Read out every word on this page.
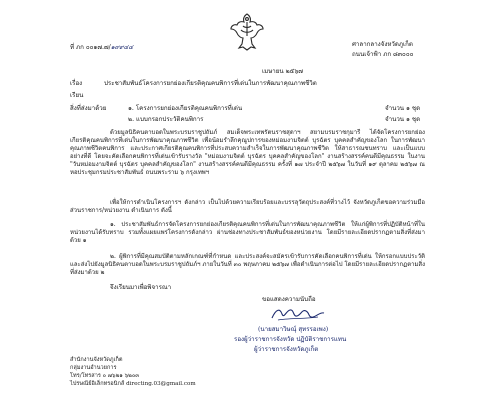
ที่ ภก ๐๐๑๗.๗/๑๙๙๔๔	ศาลากลางจังหวัดภูเก็ต
ถนนเจ้าฟ้า ภก ๘๓๐๐๐
เมษายน ๒๕๖๗
เรื่อง	ประชาสัมพันธ์โครงการยกย่องเกียรติคุณคนพิการที่เด่นในการพัฒนาคุณภาพชีวิต
เรียน
สิ่งที่ส่งมาด้วย	๑. โครงการยกย่องเกียรติคุณคนพิการที่เด่น	จำนวน ๑ ชุด
๒. แบบกรอกประวัติคนพิการ	จำนวน ๑ ชุด
ด้วยมูลนิธิคนตาบอดในพระบรมราชูปถัมภ์ สมเด็จพระเทพรัตนราชสุดาฯ สยามบรมราชกุมารี ได้จัดโครงการยกย่องเกียรติคุณคนพิการที่เด่นในการพัฒนาคุณภาพชีวิต เพื่อน้อมรำลึกคุณูปการของหม่อมงามจิตต์ บุรฉัตร บุคคลสำคัญของโลก ในการพัฒนาคุณภาพชีวิตคนพิการ และประกาศเกียรติคุณคนพิการที่ประสบความสำเร็จในการพัฒนาคุณภาพชีวิต ให้สาธารณชนทราบ และเป็นแบบอย่างที่ดี โดยจะคัดเลือกคนพิการที่เด่นเข้ารับรางวัล "หม่อมงามจิตต์ บุรฉัตร บุคคลสำคัญของโลก" งานสร้างสรรค์คนดีมีคุณธรรม ในงาน "วันหม่อมงามจิตต์ บุรฉัตร บุคคลสำคัญของโลก" งานสร้างสรรค์คนดีมีคุณธรรม ครั้งที่ ๑๗ ประจำปี ๒๕๖๗ ในวันที่ ๑๙ ตุลาคม ๒๕๖๗ ณ หอประชุมกรมประชาสัมพันธ์ ถนนพระราม ๖ กรุงเทพฯ
เพื่อให้การดำเนินโครงการฯ ดังกล่าว เป็นไปด้วยความเรียบร้อยและบรรลุวัตถุประสงค์ที่วางไว้ จังหวัดภูเก็ตขอความร่วมมือส่วนราชการ/หน่วยงาน ดำเนินการ ดังนี้
๑. ประชาสัมพันธ์การจัดโครงการยกย่องเกียรติคุณคนพิการที่เด่นในการพัฒนาคุณภาพชีวิต ให้แก่ผู้พิการที่ปฏิบัติหน้าที่ในหน่วยงานได้รับทราบ รวมทั้งแผยแพร่โครงการดังกล่าว ผ่านช่องทางประชาสัมพันธ์ของหน่วยงาน โดยมีรายละเอียดปรากฏตามสิ่งที่ส่งมาด้วย ๑
๒. ผู้พิการที่มีคุณสมบัติตามหลักเกณฑ์ที่กำหนด และประสงค์จะสมัครเข้ารับการคัดเลือกคนพิการที่เด่น ให้กรอกแบบประวัติ และส่งไปยังมูลนิธิคนตาบอดในพระบรมราชูปถัมภ์ฯ ภายในวันที่ ๓๐ พฤษภาคม ๒๕๖๗ เพื่อดำเนินการต่อไป โดยมีรายละเอียดปรากฏตามสิ่งที่ส่งมาด้วย ๒
จึงเรียนมาเพื่อพิจารณา
ขอแสดงความนับถือ
(นายสมาวิษณุ์ สุทรรอเพง)
รองผู้ว่าราชการจังหวัด ปฏิบัติราชการแทน
ผู้ว่าราชการจังหวัดภูเก็ต
สำนักงานจังหวัดภูเก็ต
กลุ่มงานอำนวยการ
โทร/โทรสาร ๐ ๗๖๒๑ ๖๒๐๓
ไปรษณีย์อิเล็กทรอนิกส์ directing.03@gmail.com
